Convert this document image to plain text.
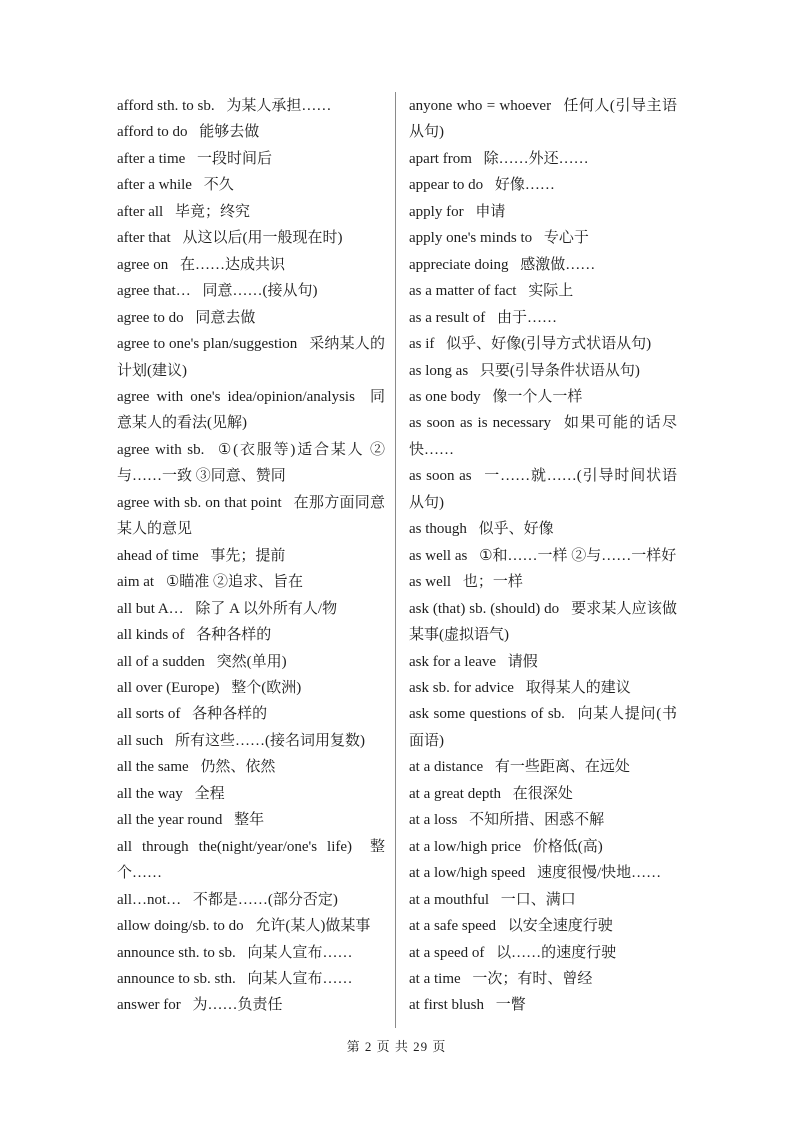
afford sth. to sb. 为某人承担……

afford to do 能够去做

after a time 一段时间后

after a while 不久

after all 毕竟；终究

after that 从这以后(用一般现在时)

agree on 在……达成共识

agree that… 同意……(接从句)

agree to do 同意去做

agree to one's plan/suggestion 采纳某人的计划(建议)

agree with one's idea/opinion/analysis 同意某人的看法(见解)

agree with sb. ①(衣服等)适合某人 ②与……一致 ③同意、赞同

agree with sb. on that point 在那方面同意某人的意见

ahead of time 事先；提前

aim at ①瞄准 ②追求、旨在

all but A… 除了 A 以外所有人/物

all kinds of 各种各样的

all of a sudden 突然(单用)

all over (Europe) 整个(欧洲)

all sorts of 各种各样的

all such 所有这些……(接名词用复数)

all the same 仍然、依然

all the way 全程

all the year round 整年

all through the(night/year/one's life) 整个……

all…not… 不都是……(部分否定)

allow doing/sb. to do 允许(某人)做某事

announce sth. to sb. 向某人宣布……

announce to sb. sth. 向某人宣布……

answer for 为……负责任

anyone who = whoever 任何人(引导主语从句)

apart from 除……外还……

appear to do 好像……

apply for 申请

apply one's minds to 专心于

appreciate doing 感激做……

as a matter of fact 实际上

as a result of 由于……

as if 似乎、好像(引导方式状语从句)

as long as 只要(引导条件状语从句)

as one body 像一个人一样

as soon as is necessary 如果可能的话尽快……

as soon as 一……就……(引导时间状语从句)

as though 似乎、好像

as well as ①和……一样 ②与……一样好

as well 也；一样

ask (that) sb. (should) do 要求某人应该做某事(虚拟语气)

ask for a leave 请假

ask sb. for advice 取得某人的建议

ask some questions of sb. 向某人提问(书面语)

at a distance 有一些距离、在远处

at a great depth 在很深处

at a loss 不知所措、困惑不解

at a low/high price 价格低(高)

at a low/high speed 速度很慢/快地……

at a mouthful 一口、满口

at a safe speed 以安全速度行驶

at a speed of 以……的速度行驶

at a time 一次；有时、曾经

at first blush 一瞥

第 2 页 共 29 页
